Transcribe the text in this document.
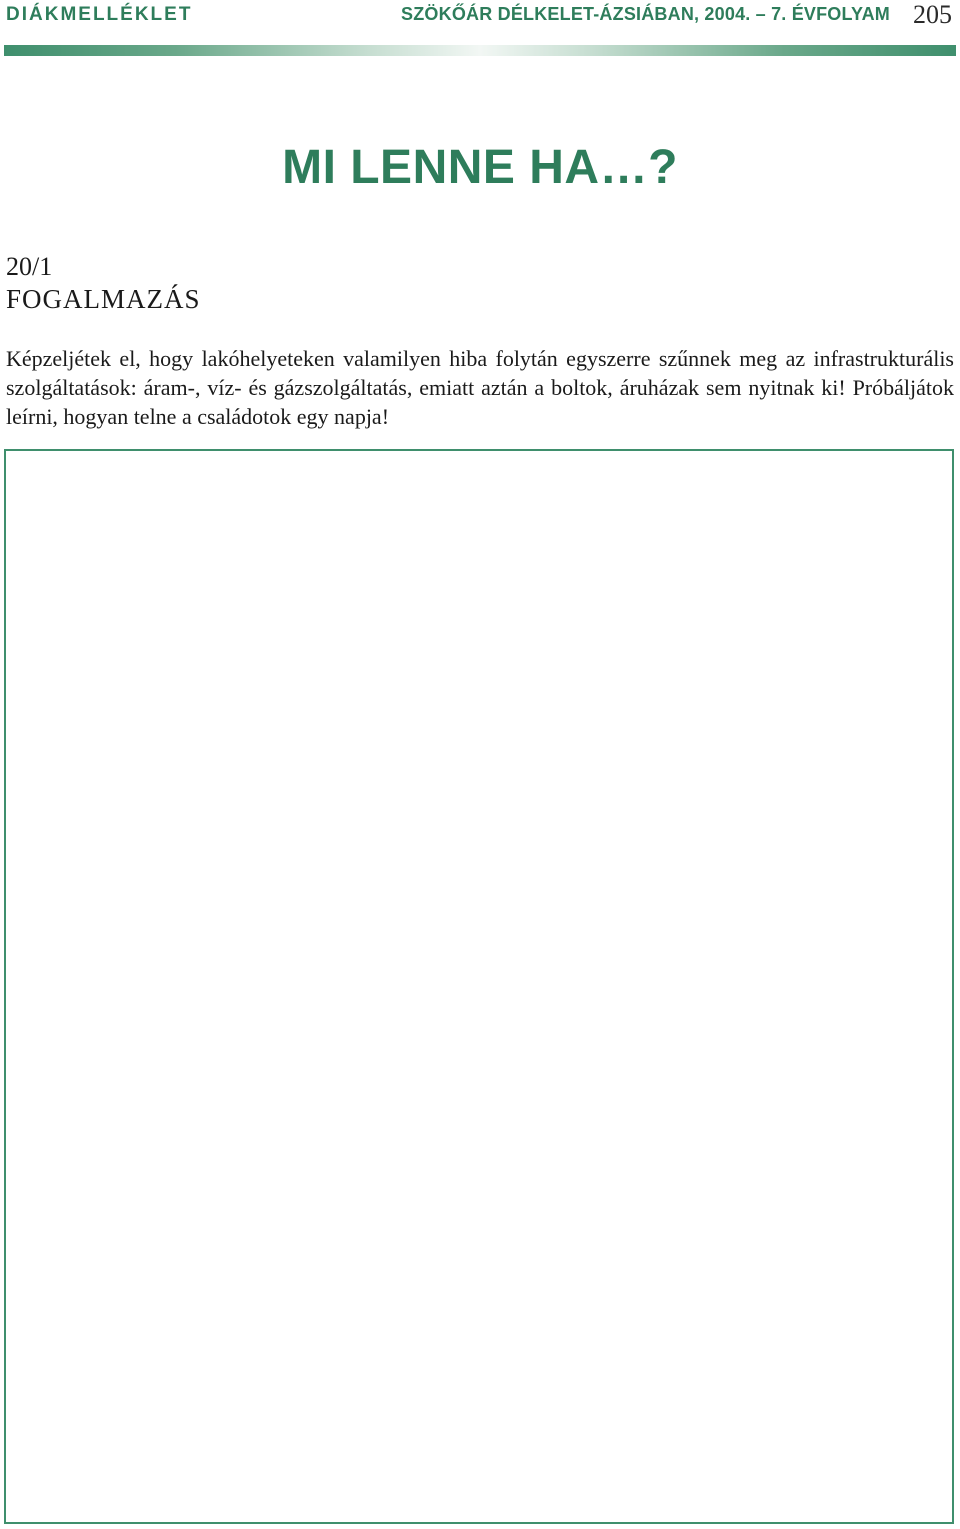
DIÁKMELLÉKLET	SZÖKŐÁR DÉLKELET-ÁZSIÁBAN, 2004. – 7. ÉVFOLYAM 205
MI LENNE HA…?
20/1
FOGALMAZÁS
Képzeljétek el, hogy lakóhelyeteken valamilyen hiba folytán egyszerre szűnnek meg az infrastrukturális szolgáltatások: áram-, víz- és gázszolgáltatás, emiatt aztán a boltok, áruházak sem nyitnak ki! Próbáljátok leírni, hogyan telne a családotok egy napja!
